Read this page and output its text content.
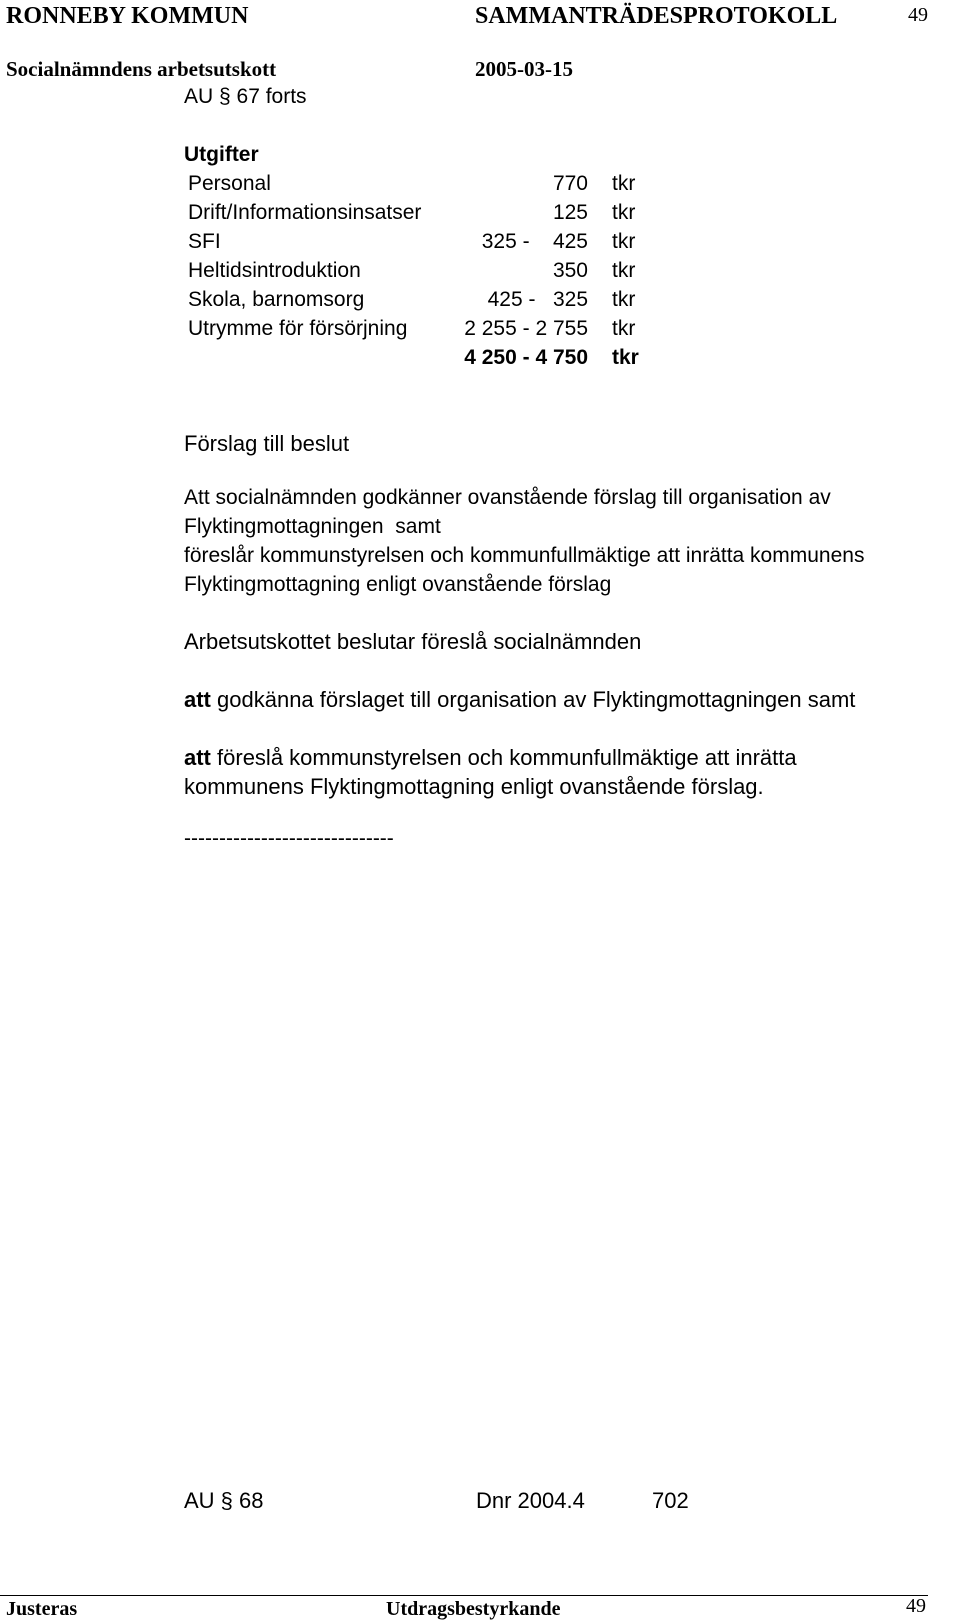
RONNEBY KOMMUN	SAMMANTRÄDESPROTOKOLL	49
Socialnämndens arbetsutskott	2005-03-15
AU § 67 forts
Utgifter
Personal	770 tkr
Drift/Informationsinsatser	125 tkr
SFI	325 -    425 tkr
Heltidsintroduktion	350 tkr
Skola, barnomsorg	425 -   325 tkr
Utrymme för försörjning	2 255 - 2 755 tkr
4 250 - 4 750 tkr
Förslag till beslut
Att socialnämnden godkänner ovanstående förslag till organisation av
Flyktingmottagningen  samt
föreslår kommunstyrelsen och kommunfullmäktige att inrätta kommunens
Flyktingmottagning enligt ovanstående förslag
Arbetsutskottet beslutar föreslå socialnämnden
att godkänna förslaget till organisation av Flyktingmottagningen samt
att föreslå kommunstyrelsen och kommunfullmäktige att inrätta
kommunens Flyktingmottagning enligt ovanstående förslag.
------------------------------
AU § 68	Dnr 2004.4	702
Justeras	Utdragsbestyrkande	49
